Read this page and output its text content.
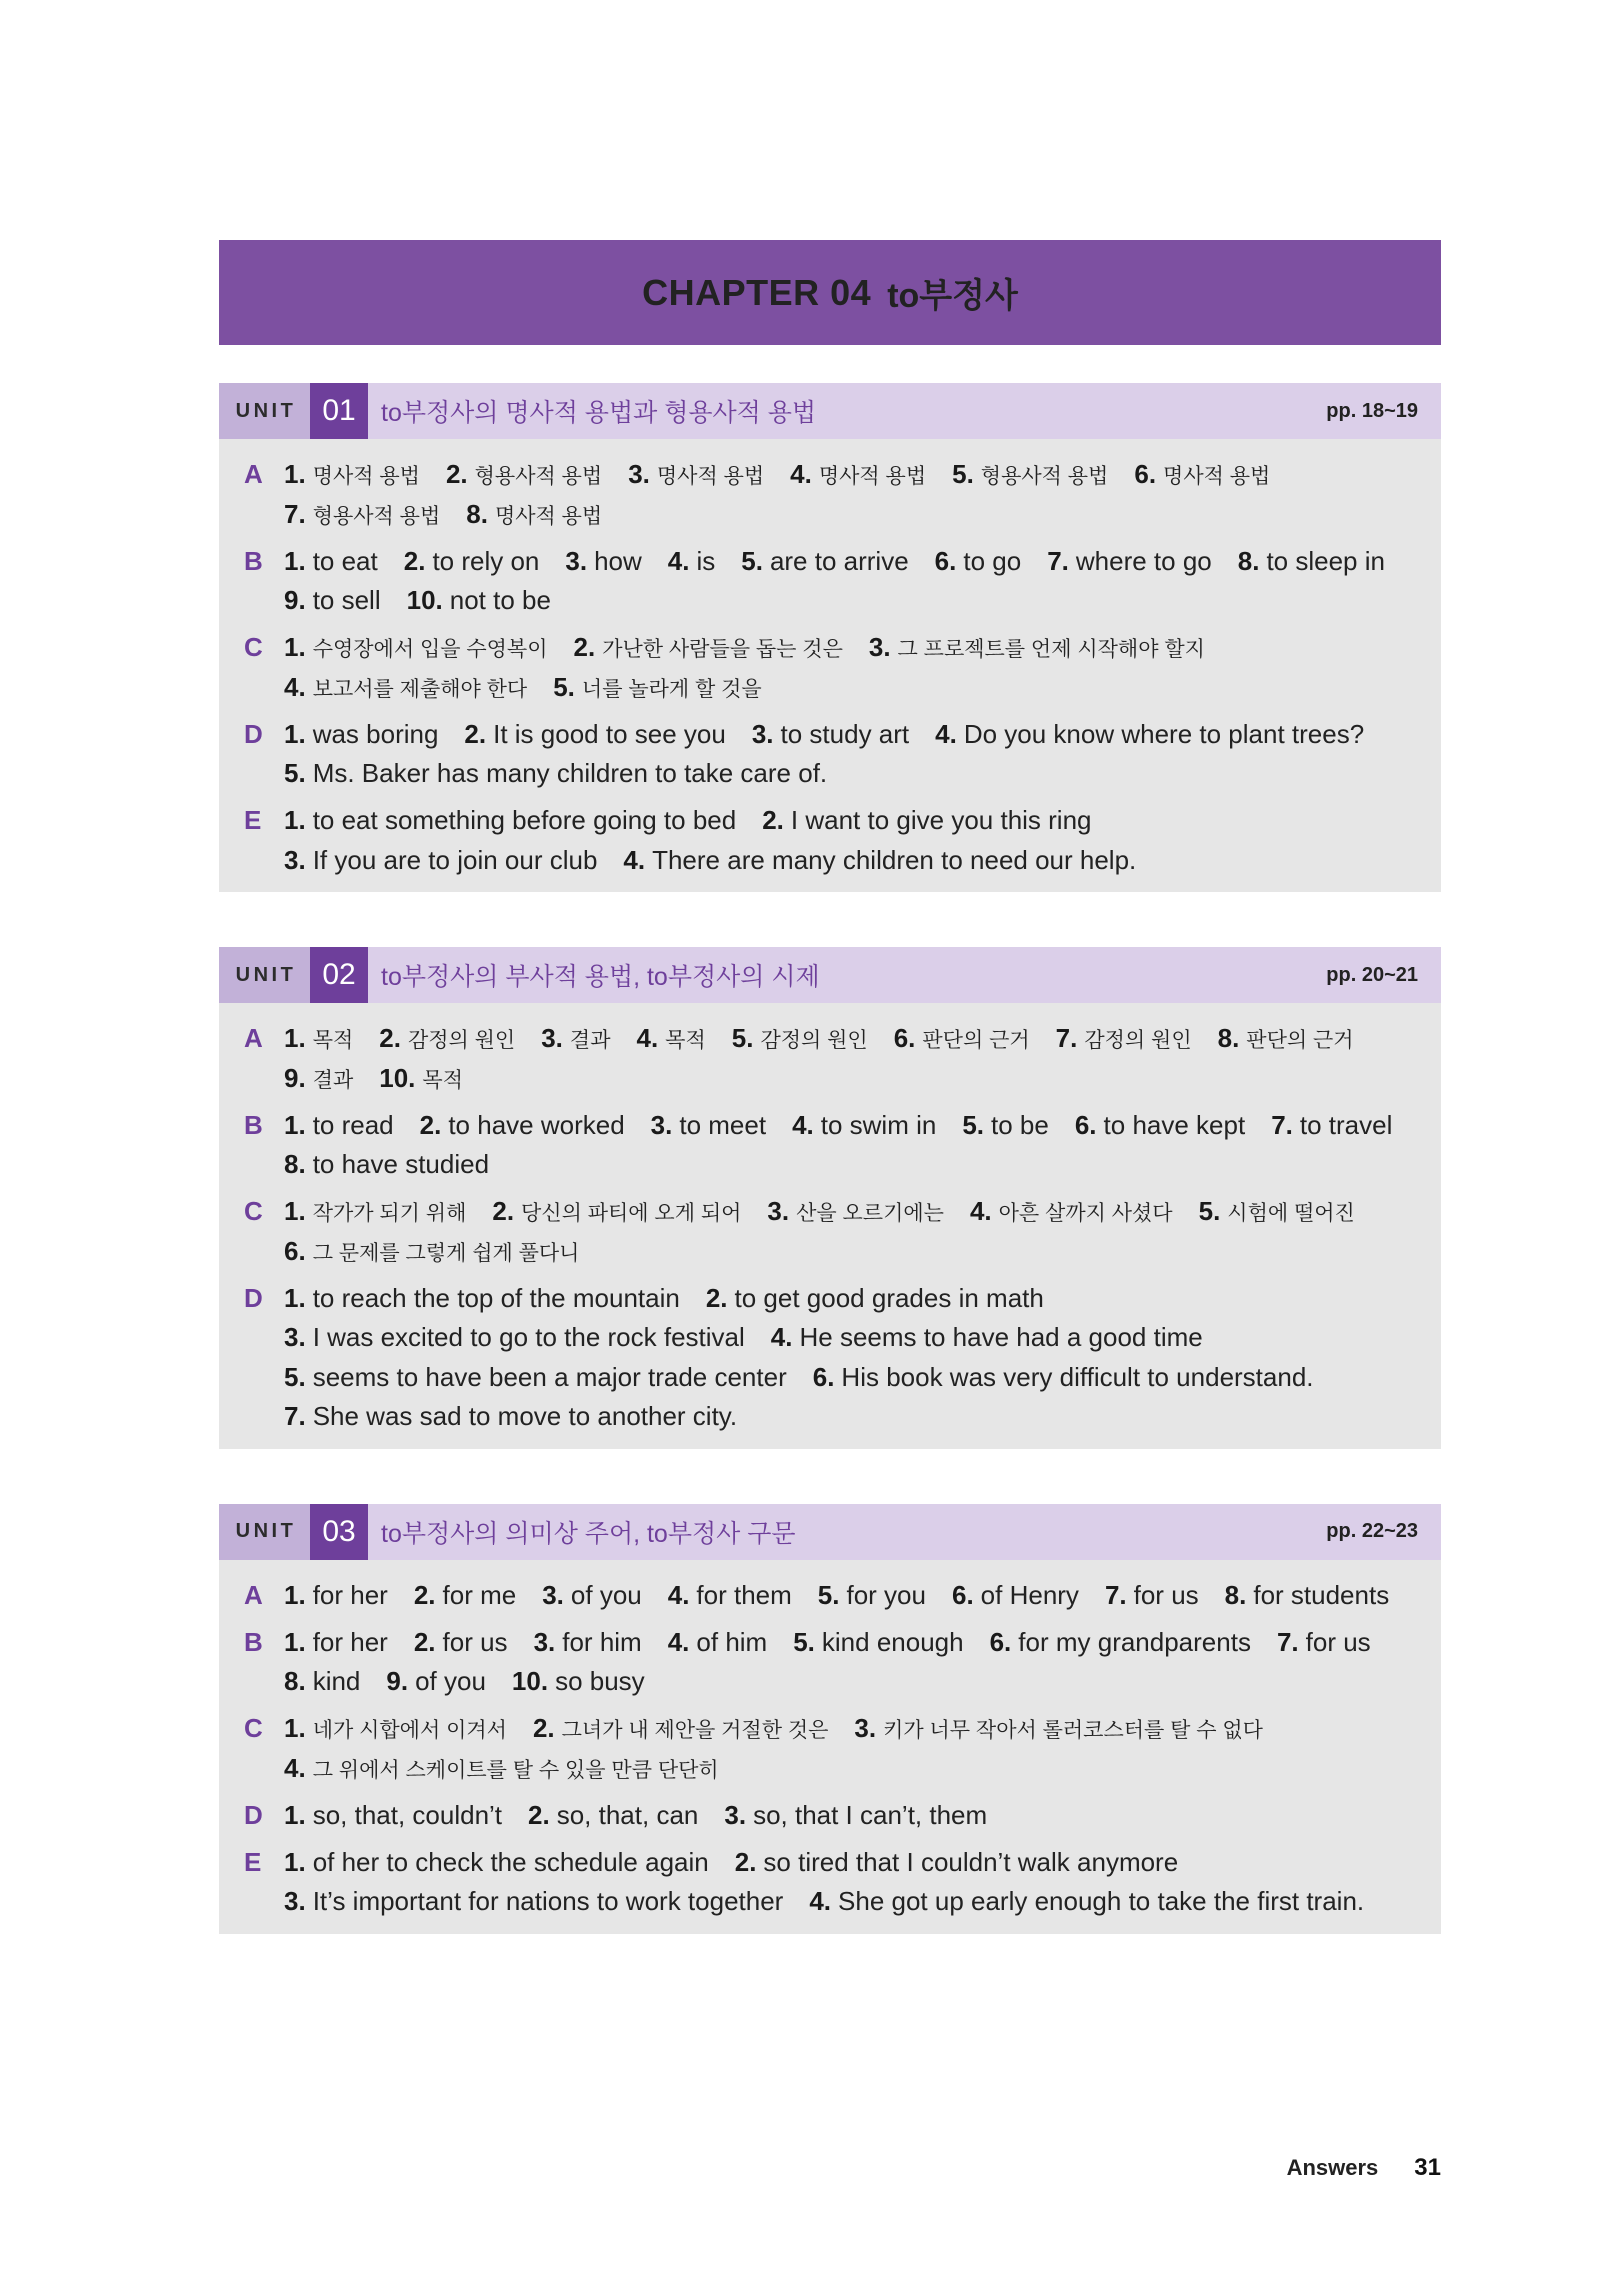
CHAPTER 04 to부정사
UNIT 01	to부정사의 명사적 용법과 형용사적 용법	pp. 18~19
A 1. 명사적 용법 2. 형용사적 용법 3. 명사적 용법 4. 명사적 용법 5. 형용사적 용법 6. 명사적 용법
7. 형용사적 용법 8. 명사적 용법
B 1. to eat 2. to rely on 3. how 4. is 5. are to arrive 6. to go 7. where to go 8. to sleep in
9. to sell 10. not to be
C 1. 수영장에서 입을 수영복이 2. 가난한 사람들을 돕는 것은 3. 그 프로젝트를 언제 시작해야 할지
4. 보고서를 제출해야 한다 5. 너를 놀라게 할 것을
D 1. was boring 2. It is good to see you 3. to study art 4. Do you know where to plant trees?
5. Ms. Baker has many children to take care of.
E 1. to eat something before going to bed 2. I want to give you this ring
3. If you are to join our club 4. There are many children to need our help.
UNIT 02	to부정사의 부사적 용법, to부정사의 시제	pp. 20~21
A 1. 목적 2. 감정의 원인 3. 결과 4. 목적 5. 감정의 원인 6. 판단의 근거 7. 감정의 원인 8. 판단의 근거
9. 결과 10. 목적
B 1. to read 2. to have worked 3. to meet 4. to swim in 5. to be 6. to have kept 7. to travel
8. to have studied
C 1. 작가가 되기 위해 2. 당신의 파티에 오게 되어 3. 산을 오르기에는 4. 아흔 살까지 사셨다 5. 시험에 떨어진
6. 그 문제를 그렇게 쉽게 풀다니
D 1. to reach the top of the mountain 2. to get good grades in math
3. I was excited to go to the rock festival 4. He seems to have had a good time
5. seems to have been a major trade center 6. His book was very difficult to understand.
7. She was sad to move to another city.
UNIT 03	to부정사의 의미상 주어, to부정사 구문	pp. 22~23
A 1. for her 2. for me 3. of you 4. for them 5. for you 6. of Henry 7. for us 8. for students
B 1. for her 2. for us 3. for him 4. of him 5. kind enough 6. for my grandparents 7. for us
8. kind 9. of you 10. so busy
C 1. 네가 시합에서 이겨서 2. 그녀가 내 제안을 거절한 것은 3. 키가 너무 작아서 롤러코스터를 탈 수 없다
4. 그 위에서 스케이트를 탈 수 있을 만큼 단단히
D 1. so, that, couldn’t 2. so, that, can 3. so, that I can’t, them
E 1. of her to check the schedule again 2. so tired that I couldn’t walk anymore
3. It’s important for nations to work together 4. She got up early enough to take the first train.
Answers 31
